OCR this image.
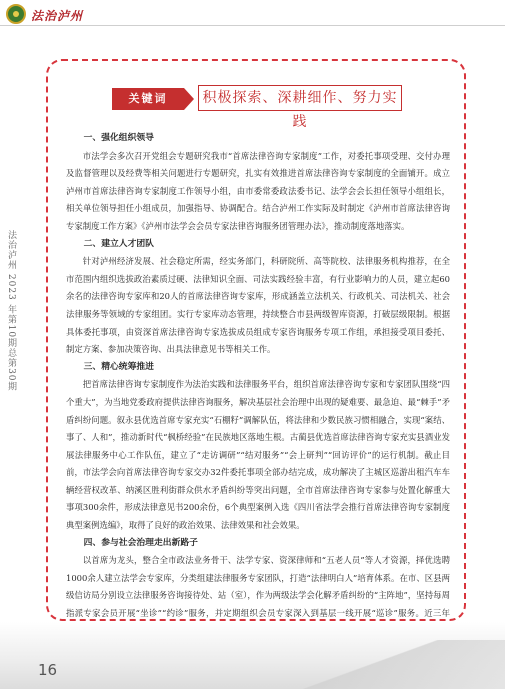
法治泸州
法治泸州 2023 年第10期总第30期
关键词	积极探索、深耕细作、努力实践
一、强化组织领导

市法学会多次召开党组会专题研究我市“首席法律咨询专家制度”工作，对委托事项受理、交付办理及监督管理以及经费等相关问题进行专题研究，扎实有效推进首席法律咨询专家制度的全面铺开。成立泸州市首席法律咨询专家制度工作领导小组，由市委常委政法委书记、法学会会长担任领导小组组长，相关单位领导担任小组成员，加强指导、协调配合。结合泸州工作实际及时制定《泸州市首席法律咨询专家制度工作方案》《泸州市法学会会员专家法律咨询服务团管理办法》，推动制度落地落实。

二、建立人才团队

针对泸州经济发展、社会稳定所需，经实务部门，科研院所、高等院校、法律服务机构推荐，在全市范围内组织选拔政治素质过硬、法律知识全面、司法实践经验丰富，有行业影响力的人员，建立起60余名的法律咨询专家库和20人的首席法律咨询专家库，形成涵盖立法机关、行政机关、司法机关、社会法律服务等领域的专家组团。实行专家库动态管理，持续整合市县两级智库资源，打破层级限制。根据具体委托事项，由资深首席法律咨询专家选拔成员组成专家咨询服务专项工作组，承担接受项目委托、制定方案、参加决策咨询、出具法律意见书等相关工作。

三、精心统筹推进

把首席法律咨询专家制度作为法治实践和法律服务平台，组织首席法律咨询专家和专家团队围绕“四个重大”，为当地党委政府提供法律咨询服务，解决基层社会治理中出现的疑难要、最急迫、最“棘手”矛盾纠纷问题。叙永县优选首席专家充实“石棚籽”调解队伍，将法律和少数民族习惯相融合，实现“案结、事了、人和”，推动新时代“枫桥经验”在民族地区落地生根。古蔺县优选首席法律咨询专家充实县酒业发展法律服务中心工作队伍，建立了“走访调研”“结对服务”“会上研判”“回访评价”的运行机制。截止目前，市法学会向首席法律咨询专家交办32件委托事项全部办结完成，成功解决了主城区巡游出租汽车车辆经营权改革、纳溪区胜利街群众供水矛盾纠纷等突出问题，全市首席法律咨询专家参与处置化解重大事项300余件，形成法律意见书200余份，6个典型案例入选《四川省法学会推行首席法律咨询专家制度典型案例选编》，取得了良好的政治效果、法律效果和社会效果。

四、参与社会治理走出新路子

以首席为龙头，整合全市政法业务骨干、法学专家、资深律师和“五老人员”等人才资源，择优选聘1000余人建立法学会专家库，分类组建法律服务专家团队，打造“法律明白人”培育体系。在市、区县两级信访局分别设立法律服务咨询接待处、站（室），作为两级法学会化解矛盾纠纷的“主阵地”，坚持每周指派专家会员开展“坐诊”“约诊”服务，并定期组织会员专家深入到基层一线开展“巡诊”服务。近三年

16
